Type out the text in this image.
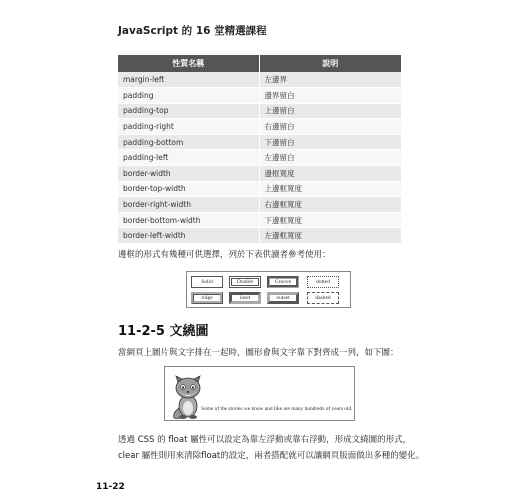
JavaScript 的 16 堂精選課程
性質名稱	說明
margin-left	左邊界
padding	邊界留白
padding-top	上邊留白
padding-right	右邊留白
padding-bottom	下邊留白
padding-left	左邊留白
border-width	邊框寬度
border-top-width	上邊框寬度
border-right-width	右邊框寬度
border-bottom-width	下邊框寬度
border-left-width	左邊框寬度
邊框的形式有幾種可供選擇，列於下表供讀者參考使用：
Solid	Double	Groove	dotted
ridge	inset	outset	dashed
11-2-5 文繞圖
當網頁上圖片與文字排在一起時，圖形會與文字靠下對齊成一列，如下圖：
Some of the stories we know and like are many hundreds of years old.
透過 CSS 的 float 屬性可以設定為靠左浮動或靠右浮動，形成文繞圖的形式，
clear 屬性則用來清除float的設定，兩者搭配就可以讓網頁版面做出多種的變化。
11-22
